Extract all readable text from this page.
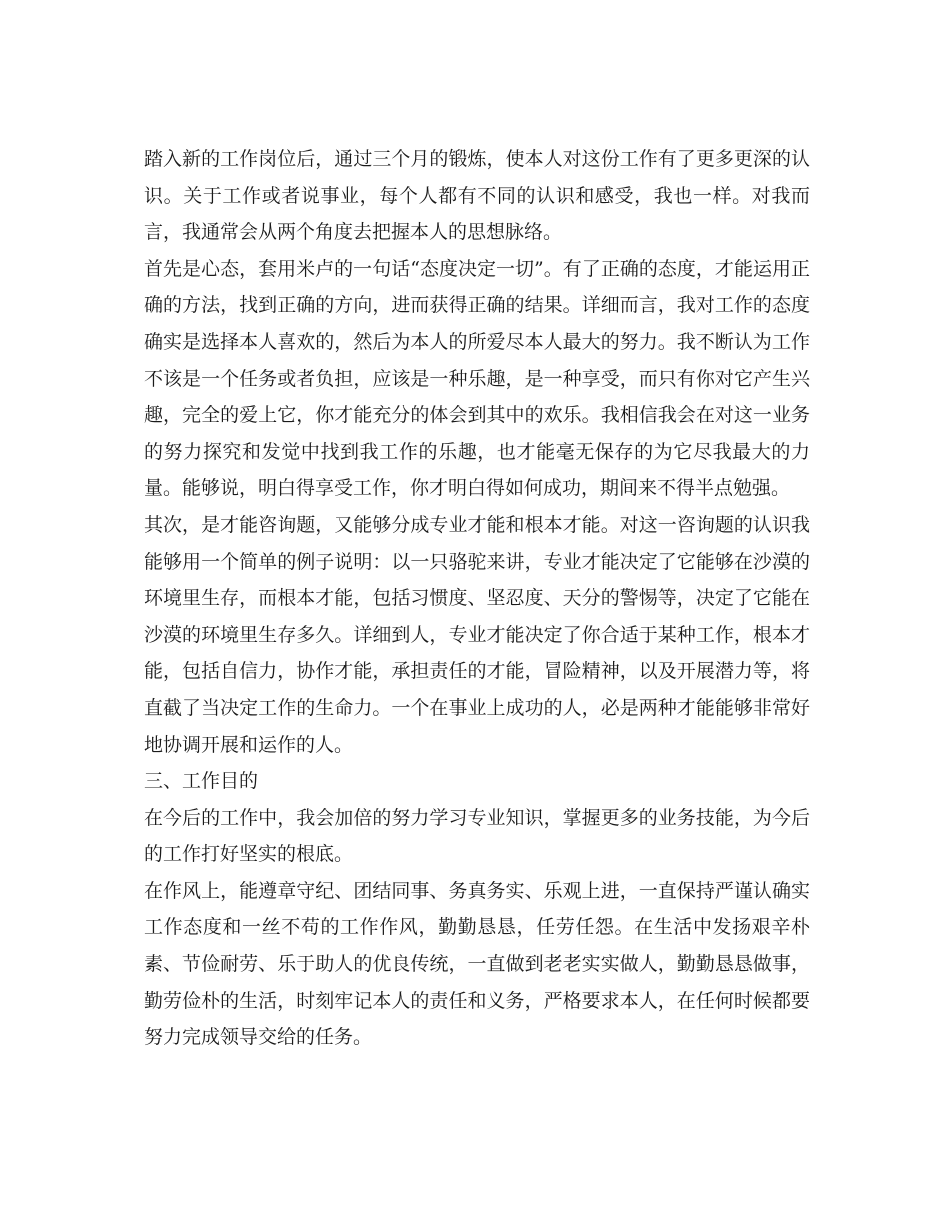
踏入新的工作岗位后，通过三个月的锻炼，使本人对这份工作有了更多更深的认识。关于工作或者说事业，每个人都有不同的认识和感受，我也一样。对我而言，我通常会从两个角度去把握本人的思想脉络。

首先是心态，套用米卢的一句话“态度决定一切”。有了正确的态度，才能运用正确的方法，找到正确的方向，进而获得正确的结果。详细而言，我对工作的态度确实是选择本人喜欢的，然后为本人的所爱尽本人最大的努力。我不断认为工作不该是一个任务或者负担，应该是一种乐趣，是一种享受，而只有你对它产生兴趣，完全的爱上它，你才能充分的体会到其中的欢乐。我相信我会在对这一业务的努力探究和发觉中找到我工作的乐趣，也才能毫无保存的为它尽我最大的力量。能够说，明白得享受工作，你才明白得如何成功，期间来不得半点勉强。

其次，是才能咨询题，又能够分成专业才能和根本才能。对这一咨询题的认识我能够用一个简单的例子说明：以一只骆驼来讲，专业才能决定了它能够在沙漠的环境里生存，而根本才能，包括习惯度、坚忍度、天分的警惕等，决定了它能在沙漠的环境里生存多久。详细到人，专业才能决定了你合适于某种工作，根本才能，包括自信力，协作才能，承担责任的才能，冒险精神，以及开展潜力等，将直截了当决定工作的生命力。一个在事业上成功的人，必是两种才能能够非常好地协调开展和运作的人。

三、工作目的

在今后的工作中，我会加倍的努力学习专业知识，掌握更多的业务技能，为今后的工作打好坚实的根底。

在作风上，能遵章守纪、团结同事、务真务实、乐观上进，一直保持严谨认确实工作态度和一丝不苟的工作作风，勤勤恳恳，任劳任怨。在生活中发扬艰辛朴素、节俭耐劳、乐于助人的优良传统，一直做到老老实实做人，勤勤恳恳做事，勤劳俭朴的生活，时刻牢记本人的责任和义务，严格要求本人，在任何时候都要努力完成领导交给的任务。
